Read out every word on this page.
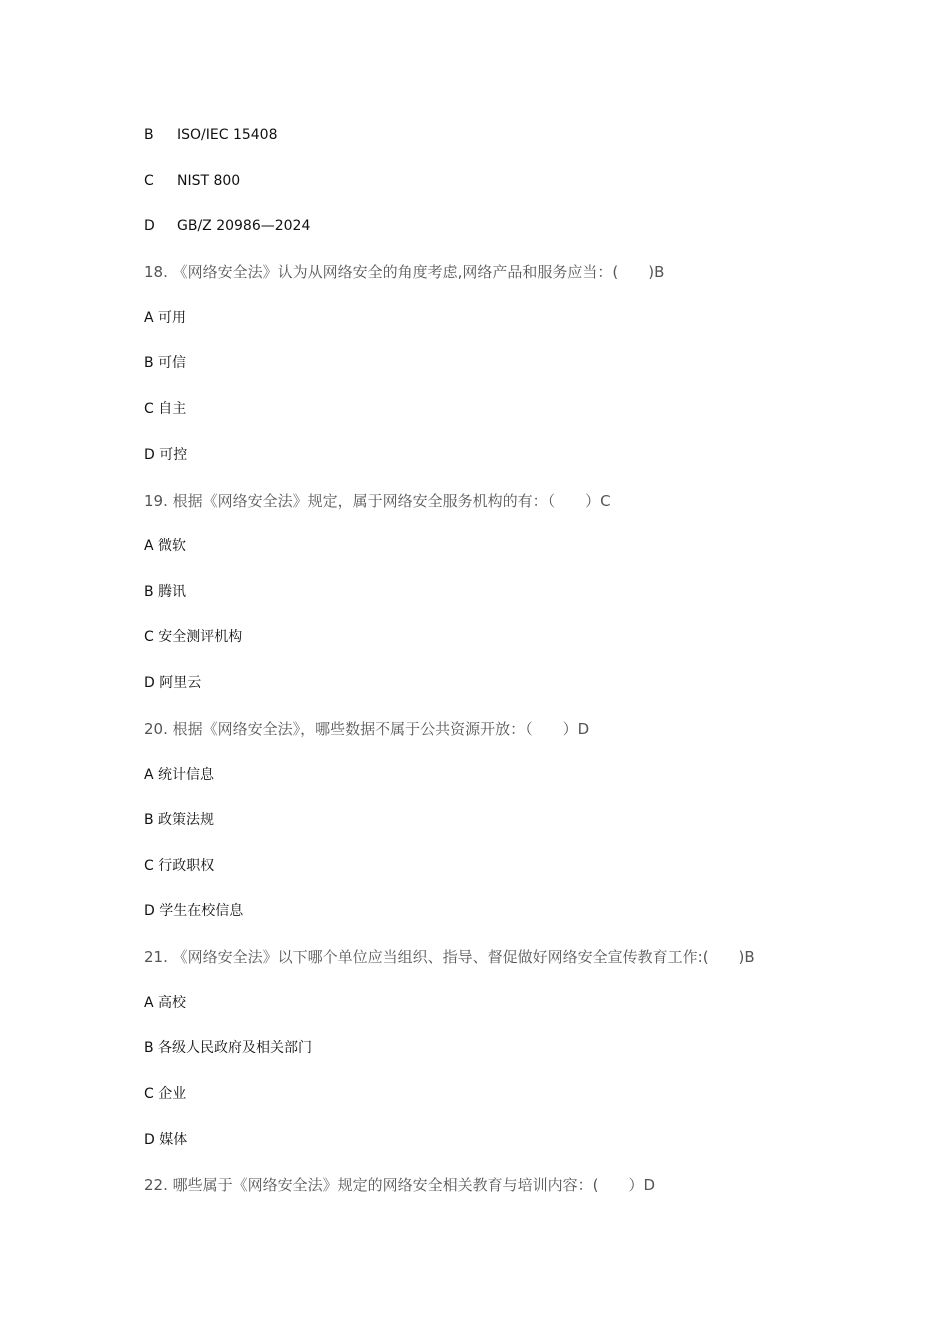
B ISO/IEC 15408
C NIST 800
D GB/Z 20986—2024
18. 《网络安全法》认为从网络安全的角度考虑,网络产品和服务应当：(　　)B
A 可用
B 可信
C 自主
D 可控
19. 根据《网络安全法》规定，属于网络安全服务机构的有：（　　）C
A 微软
B 腾讯
C 安全测评机构
D 阿里云
20. 根据《网络安全法》，哪些数据不属于公共资源开放：（　　）D
A 统计信息
B 政策法规
C 行政职权
D 学生在校信息
21. 《网络安全法》以下哪个单位应当组织、指导、督促做好网络安全宣传教育工作:(　　)B
A 高校
B 各级人民政府及相关部门
C 企业
D 媒体
22. 哪些属于《网络安全法》规定的网络安全相关教育与培训内容：(　　）D
